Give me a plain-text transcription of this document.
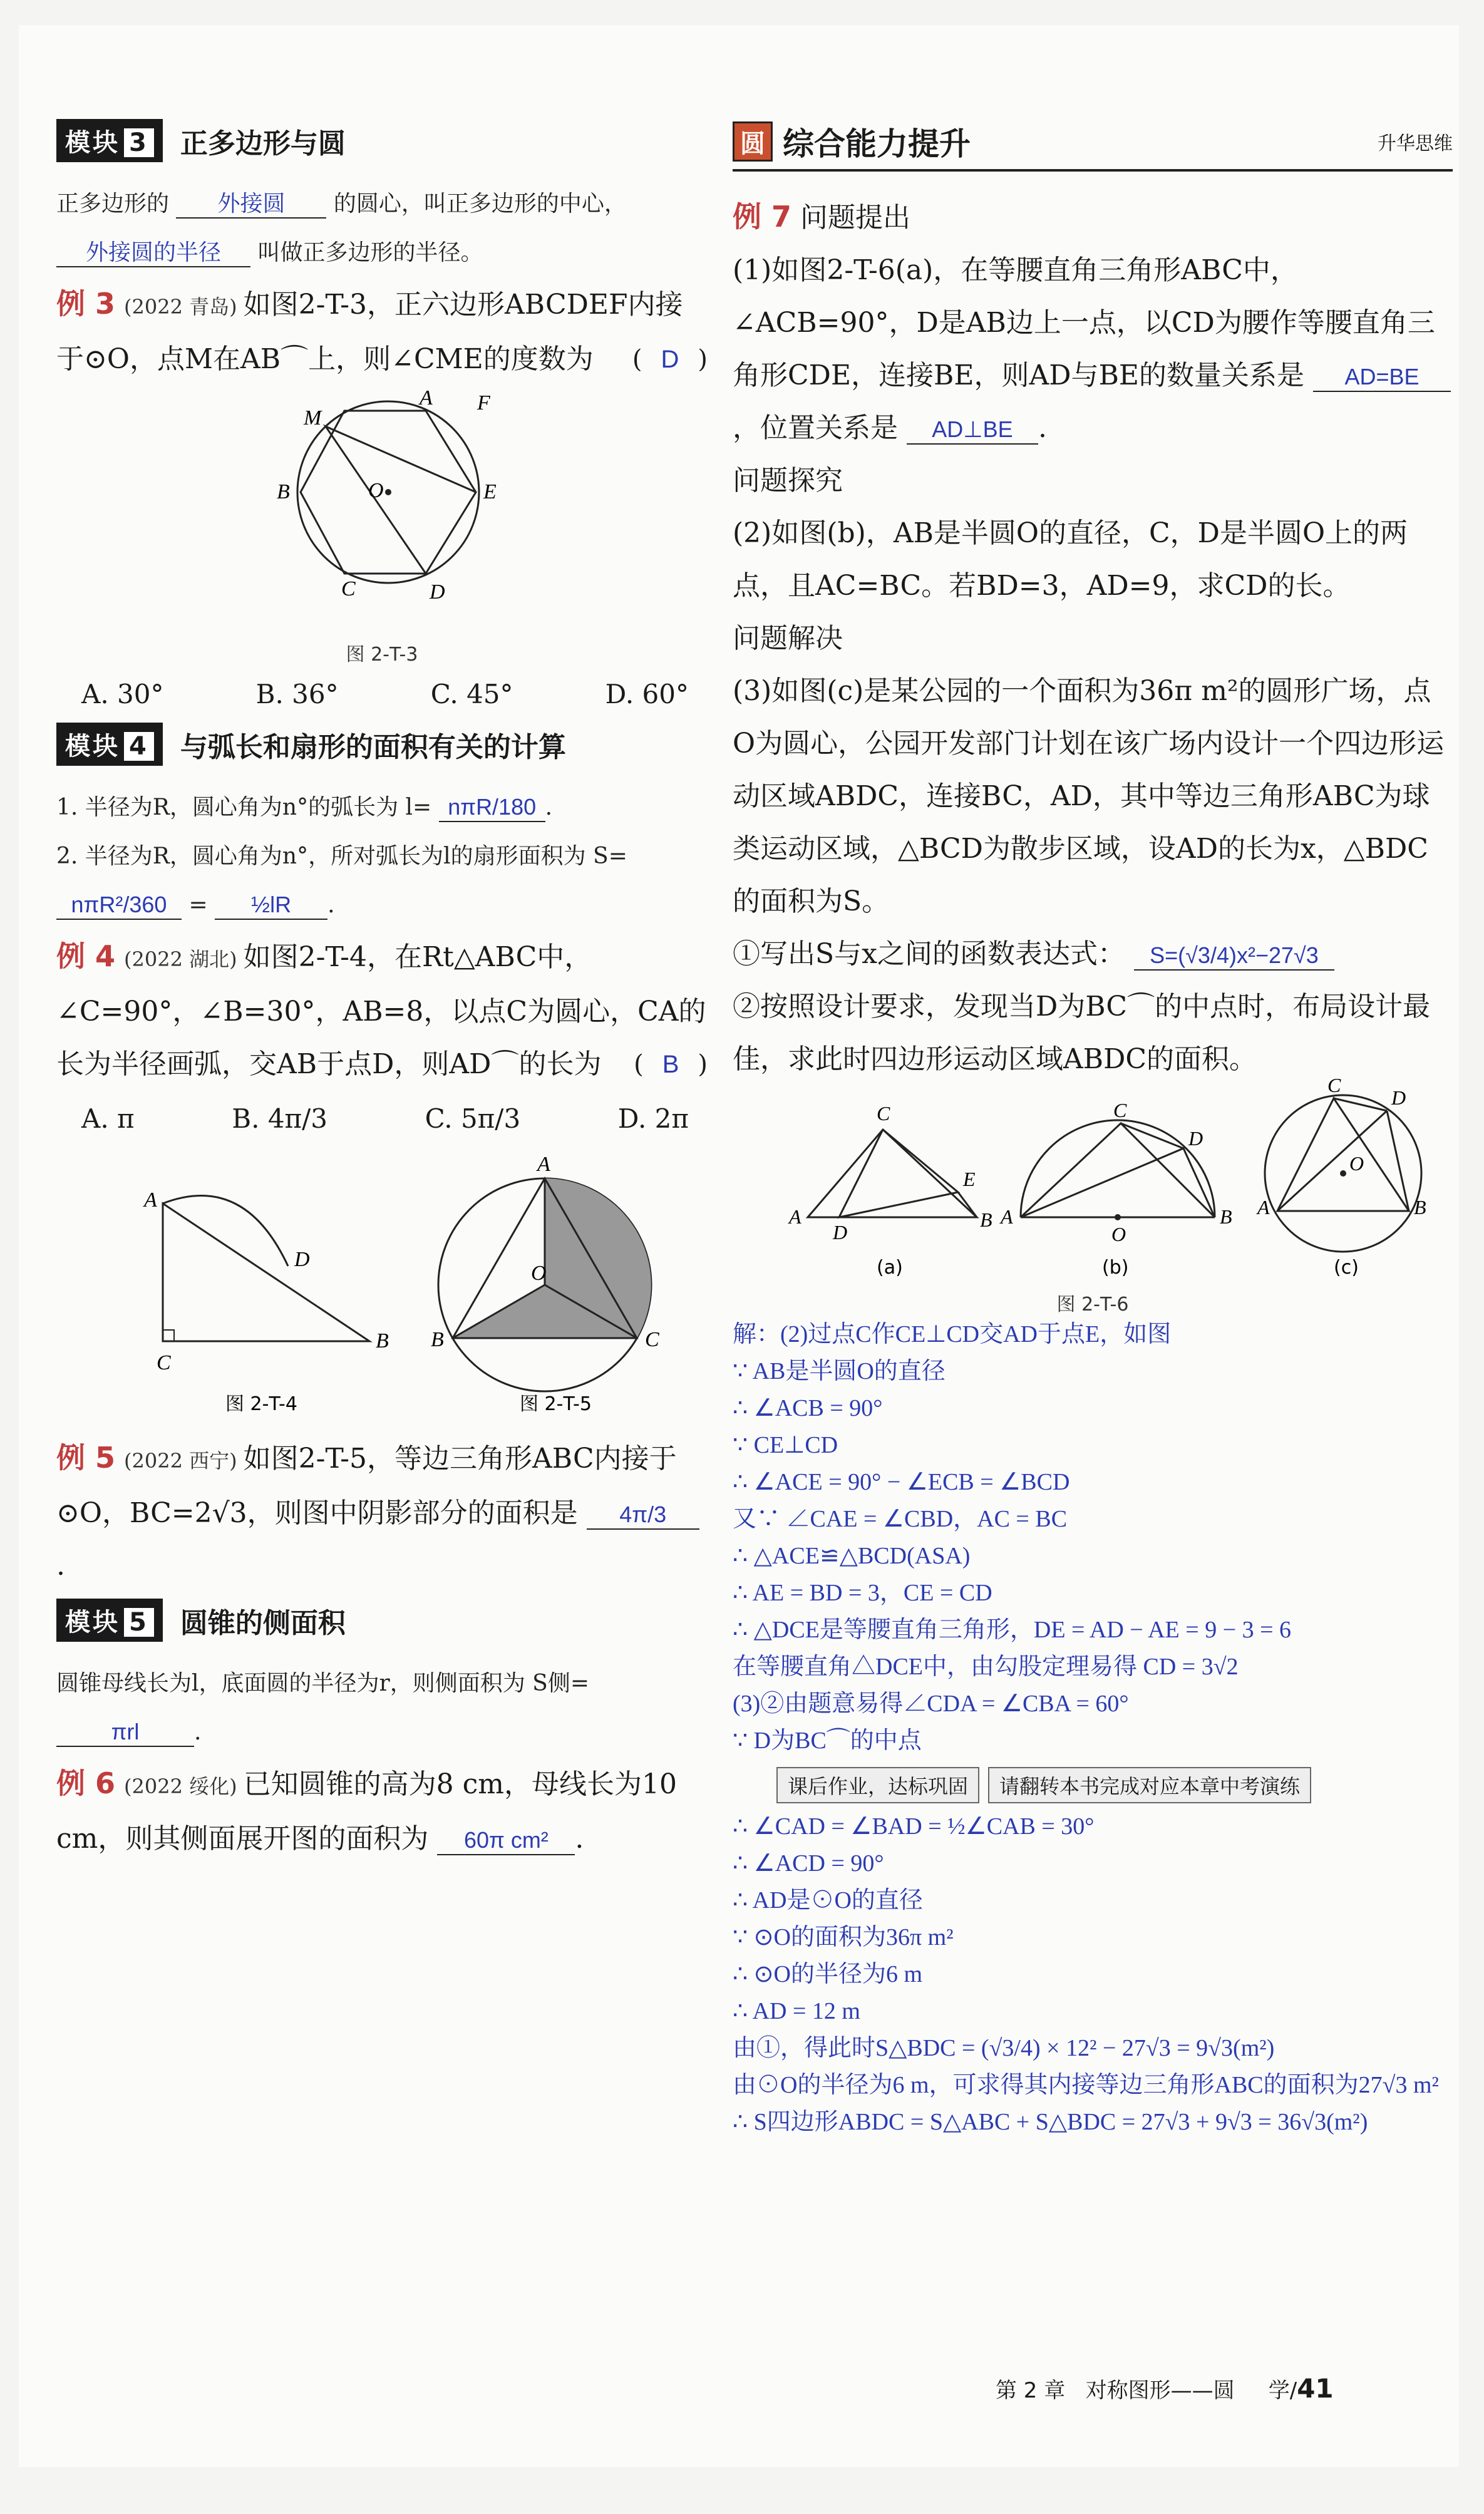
模块 3	正多边形与圆
正多边形的 外接圆 的圆心，叫正多边形的中心， 外接圆的半径 叫做正多边形的半径。
例 3 (2022 青岛) 如图2-T-3，正六边形ABCDEF内接于⊙O，点M在AB⌒上，则∠CME的度数为 ( D )
M
A F
B	O	E
C	D
图 2-T-3
A. 30°	B. 36°	C. 45°	D. 60°
模块 4	与弧长和扇形的面积有关的计算
1. 半径为R，圆心角为n°的弧长为 l= nπR/180 .
2. 半径为R，圆心角为n°，所对弧长为l的扇形面积为 S= nπR²/360 = ½lR .
例 4 (2022 湖北) 如图2-T-4，在Rt△ABC中，∠C=90°，∠B=30°，AB=8，以点C为圆心，CA的长为半径画弧，交AB于点D，则AD⌒的长为 ( B )
A. π	B. 4π/3	C. 5π/3	D. 2π
A
D
C
B
A
O
B	C
图 2-T-4	图 2-T-5
例 5 (2022 西宁) 如图2-T-5，等边三角形ABC内接于⊙O，BC=2√3，则图中阴影部分的面积是 4π/3.
模块 5	圆锥的侧面积
圆锥母线长为l，底面圆的半径为r，则侧面积为 S侧= πrl .
例 6 (2022 绥化) 已知圆锥的高为8 cm，母线长为10 cm，则其侧面展开图的面积为 60π cm² .
圆 综合能力提升	升华思维
例 7 问题提出
(1)如图2-T-6(a)，在等腰直角三角形ABC中，∠ACB=90°，D是AB边上一点，以CD为腰作等腰直角三角形CDE，连接BE，则AD与BE的数量关系是 AD=BE，位置关系是 AD⊥BE .
问题探究
(2)如图(b)，AB是半圆O的直径，C，D是半圆O上的两点，且AC=BC。若BD=3，AD=9，求CD的长。
问题解决
(3)如图(c)是某公园的一个面积为36π m²的圆形广场，点O为圆心，公园开发部门计划在该广场内设计一个四边形运动区域ABDC，连接BC，AD，其中等边三角形ABC为球类运动区域，△BCD为散步区域，设AD的长为x，△BDC的面积为S。
①写出S与x之间的函数表达式： S=(√3/4)x²−27√3
②按照设计要求，发现当D为BC⌒的中点时，布局设计最佳，求此时四边形运动区域ABDC的面积。
C
E
A
D
B
C
D
A
O
B
C
D
O
A	B
(a)	(b)	(c)
图 2-T-6
解：(2)过点C作CE⊥CD交AD于点E，如图
∵ AB是半圆O的直径
∴ ∠ACB = 90°
∵ CE⊥CD
∴ ∠ACE = 90° − ∠ECB = ∠BCD
又∵ ∠CAE = ∠CBD，AC = BC
∴ △ACE≌△BCD(ASA)
∴ AE = BD = 3，CE = CD
∴ △DCE是等腰直角三角形，DE = AD − AE = 9 − 3 = 6
在等腰直角△DCE中，由勾股定理易得 CD = 3√2
(3)②由题意易得∠CDA = ∠CBA = 60°
∵ D为BC⌒的中点
课后作业，达标巩固	请翻转本书完成对应本章中考演练
∴ ∠CAD = ∠BAD = ½∠CAB = 30°
∴ ∠ACD = 90°
∴ AD是⊙O的直径
∵ ⊙O的面积为36π m²
∴ ⊙O的半径为6 m
∴ AD = 12 m
由①，得此时S△BDC = (√3/4) × 12² − 27√3 = 9√3(m²)
由⊙O的半径为6 m，可求得其内接等边三角形ABC的面积为27√3 m²
∴ S四边形ABDC = S△ABC + S△BDC = 27√3 + 9√3 = 36√3(m²)
第 2 章 对称图形——圆 学/41
